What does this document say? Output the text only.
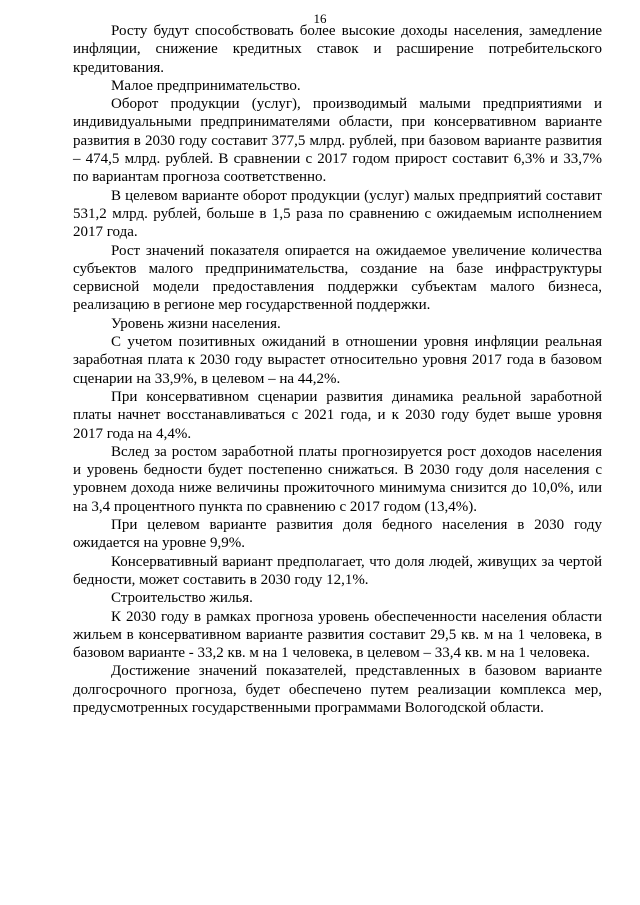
16

Росту будут способствовать более высокие доходы населения, замедление инфляции, снижение кредитных ставок и расширение потребительского кредитования.

Малое предпринимательство.

Оборот продукции (услуг), производимый малыми предприятиями и индивидуальными предпринимателями области, при консервативном варианте развития в 2030 году составит 377,5 млрд. рублей, при базовом варианте развития – 474,5 млрд. рублей. В сравнении с 2017 годом прирост составит 6,3% и 33,7% по вариантам прогноза соответственно.

В целевом варианте оборот продукции (услуг) малых предприятий составит 531,2 млрд. рублей, больше в 1,5 раза по сравнению с ожидаемым исполнением 2017 года.

Рост значений показателя опирается на ожидаемое увеличение количества субъектов малого предпринимательства, создание на базе инфраструктуры сервисной модели предоставления поддержки субъектам малого бизнеса, реализацию в регионе мер государственной поддержки.

Уровень жизни населения.

С учетом позитивных ожиданий в отношении уровня инфляции реальная заработная плата к 2030 году вырастет относительно уровня 2017 года в базовом сценарии на 33,9%, в целевом – на 44,2%.

При консервативном сценарии развития динамика реальной заработной платы начнет восстанавливаться с 2021 года, и к 2030 году будет выше уровня 2017 года на 4,4%.

Вслед за ростом заработной платы прогнозируется рост доходов населения и уровень бедности будет постепенно снижаться. В 2030 году доля населения с уровнем дохода ниже величины прожиточного минимума снизится до 10,0%, или на 3,4 процентного пункта по сравнению с 2017 годом (13,4%).

При целевом варианте развития доля бедного населения в 2030 году ожидается на уровне 9,9%.

Консервативный вариант предполагает, что доля людей, живущих за чертой бедности, может составить в 2030 году 12,1%.

Строительство жилья.

К 2030 году в рамках прогноза уровень обеспеченности населения области жильем в консервативном варианте развития составит 29,5 кв. м на 1 человека, в базовом варианте - 33,2 кв. м на 1 человека, в целевом – 33,4 кв. м на 1 человека.

Достижение значений показателей, представленных в базовом варианте долгосрочного прогноза, будет обеспечено путем реализации комплекса мер, предусмотренных государственными программами Вологодской области.
